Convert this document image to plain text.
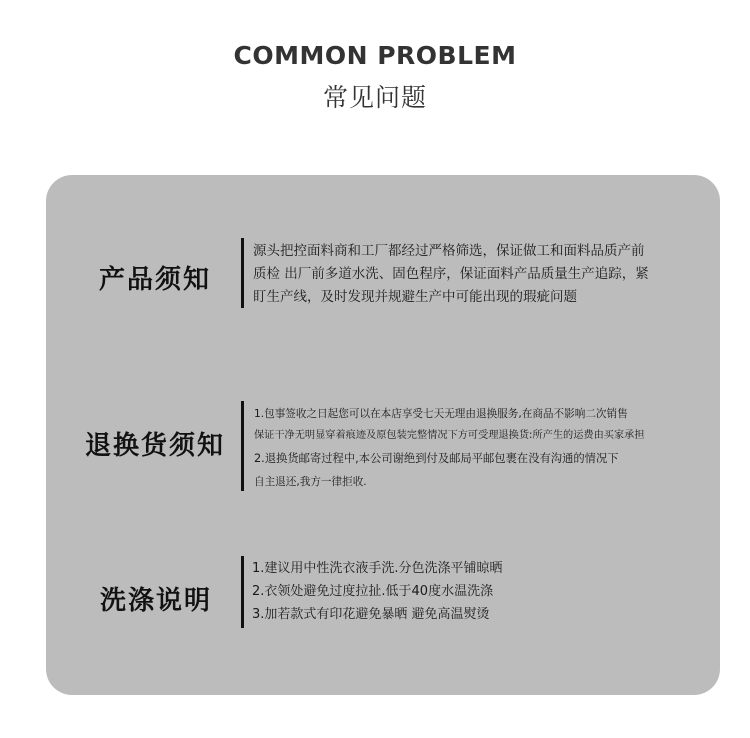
COMMON PROBLEM
常见问题
产品须知

源头把控面料商和工厂都经过严格筛选，保证做工和面料品质产前

质检 出厂前多道水洗、固色程序，保证面料产品质量生产追踪，紧

盯生产线，及时发现并规避生产中可能出现的瑕疵问题

退换货须知

1.包事签收之日起您可以在本店享受七天无理由退换服务,在商品不影响二次销售

保证干净无明显穿着痕迹及原包装完整情况下方可受理退换货:所产生的运费由买家承担

2.退换货邮寄过程中,本公司谢绝到付及邮局平邮包裹在没有沟通的情况下

自主退还,我方一律拒收.

洗涤说明

1.建议用中性洗衣液手洗.分色洗涤平铺晾晒

2.衣领处避免过度拉扯.低于40度水温洗涤

3.加若款式有印花避免暴晒 避免高温熨烫
